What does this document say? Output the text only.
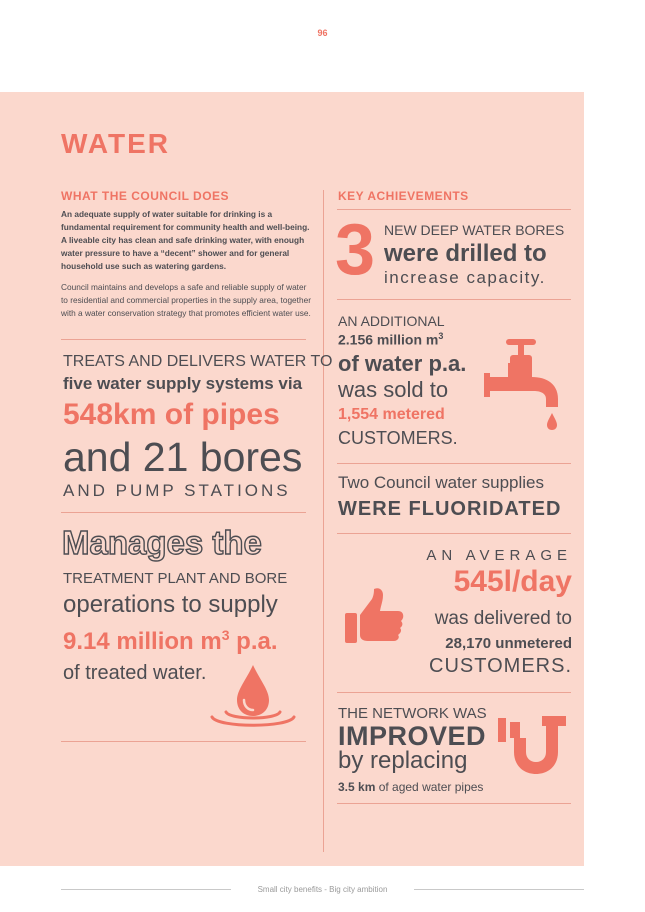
96
WATER
WHAT THE COUNCIL DOES
An adequate supply of water suitable for drinking is a fundamental requirement for community health and well-being. A liveable city has clean and safe drinking water, with enough water pressure to have a “decent” shower and for general household use such as watering gardens.
Council maintains and develops a safe and reliable supply of water to residential and commercial properties in the supply area, together with a water conservation strategy that promotes efficient water use.
TREATS AND DELIVERS WATER TO
five water supply systems via
548km of pipes
and 21 bores
AND PUMP STATIONS
Manages the
TREATMENT PLANT AND BORE
operations to supply
9.14 million $m^3$ p.a.
of treated water.
KEY ACHIEVEMENTS
3 NEW DEEP WATER BORES
were drilled to
increase capacity.
AN ADDITIONAL
2.156 million $m^3$
of water p.a.
was sold to
1,554 metered
CUSTOMERS.
Two Council water supplies
WERE FLUORIDATED
AN AVERAGE
545l/day
was delivered to
28,170 unmetered
CUSTOMERS.
THE NETWORK WAS
IMPROVED
by replacing
3.5 km of aged water pipes
Small city benefits - Big city ambition
